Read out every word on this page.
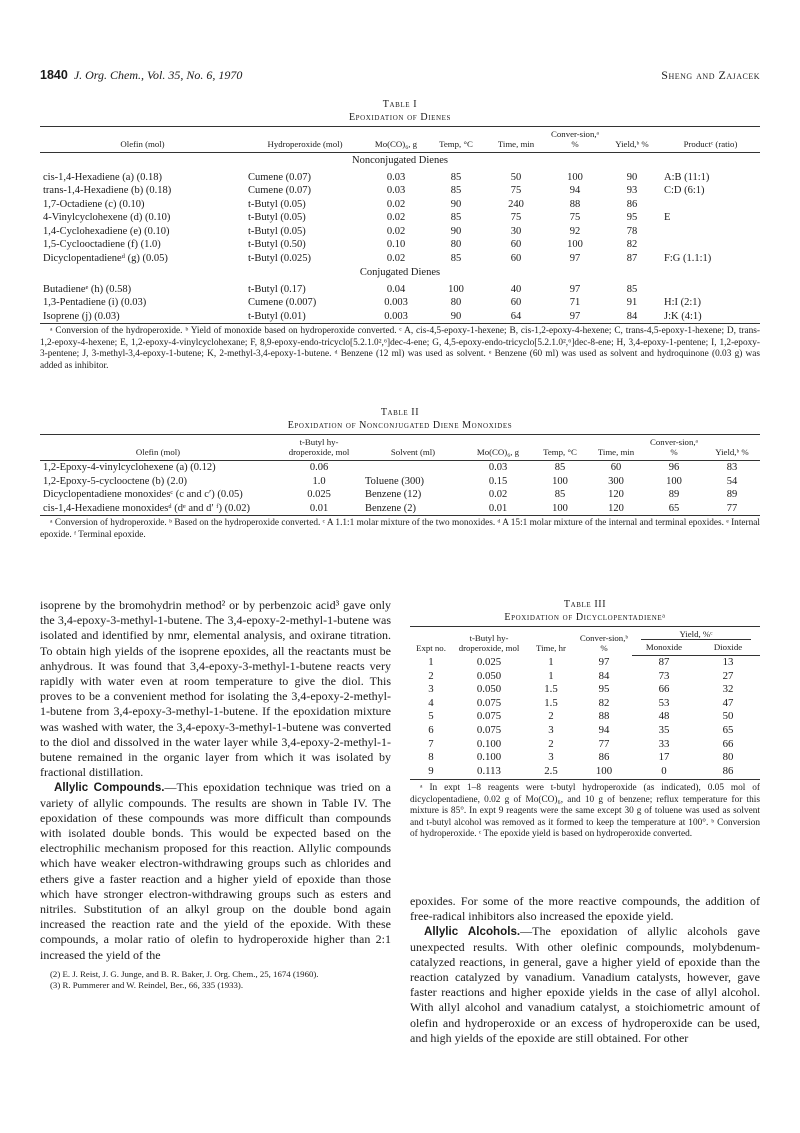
1840 J. Org. Chem., Vol. 35, No. 6, 1970	Sheng and Zajacek
Table I
Epoxidation of Dienes
Olefin (mol)	Hydroperoxide (mol)	Mo(CO)₆, g	Temp, °C	Time, min	Conver-sion,ᵃ %	Yield,ᵇ %	Productᶜ (ratio)
Nonconjugated Dienes							
cis-1,4-Hexadiene (a) (0.18)	Cumene (0.07)	0.03	85	50	100	90	A:B (11:1)
trans-1,4-Hexadiene (b) (0.18)	Cumene (0.07)	0.03	85	75	94	93	C:D (6:1)
1,7-Octadiene (c) (0.10)	t-Butyl (0.05)	0.02	90	240	88	86	
4-Vinylcyclohexene (d) (0.10)	t-Butyl (0.05)	0.02	85	75	75	95	E
1,4-Cyclohexadiene (e) (0.10)	t-Butyl (0.05)	0.02	90	30	92	78	
1,5-Cyclooctadiene (f) (1.0)	t-Butyl (0.50)	0.10	80	60	100	82	
Dicyclopentadieneᵈ (g) (0.05)	t-Butyl (0.025)	0.02	85	60	97	87	F:G (1.1:1)
Conjugated Dienes							
Butadieneᵉ (h) (0.58)	t-Butyl (0.17)	0.04	100	40	97	85	
1,3-Pentadiene (i) (0.03)	Cumene (0.007)	0.003	80	60	71	91	H:I (2:1)
Isoprene (j) (0.03)	t-Butyl (0.01)	0.003	90	64	97	84	J:K (4:1)
ᵃ Conversion of the hydroperoxide. ᵇ Yield of monoxide based on hydroperoxide converted. ᶜ A, cis-4,5-epoxy-1-hexene; B, cis-1,2-epoxy-4-hexene; C, trans-4,5-epoxy-1-hexene; D, trans-1,2-epoxy-4-hexene; E, 1,2-epoxy-4-vinylcyclohexane; F, 8,9-epoxy-endo-tricyclo[5.2.1.0²,⁶]dec-4-ene; G, 4,5-epoxy-endo-tricyclo[5.2.1.0²,⁶]dec-8-ene; H, 3,4-epoxy-1-pentene; I, 1,2-epoxy-3-pentene; J, 3-methyl-3,4-epoxy-1-butene; K, 2-methyl-3,4-epoxy-1-butene. ᵈ Benzene (12 ml) was used as solvent. ᵉ Benzene (60 ml) was used as solvent and hydroquinone (0.03 g) was added as inhibitor.
Table II
Epoxidation of Nonconjugated Diene Monoxides
Olefin (mol)	t-Butyl hy-droperoxide, mol	Solvent (ml)	Mo(CO)₆, g	Temp, °C	Time, min	Conver-sion,ᵃ %	Yield,ᵇ %
1,2-Epoxy-4-vinylcyclohexene (a) (0.12)	0.06		0.03	85	60	96	83
1,2-Epoxy-5-cyclooctene (b) (2.0)	1.0	Toluene (300)	0.15	100	300	100	54
Dicyclopentadiene monoxidesᶜ (c and c′) (0.05)	0.025	Benzene (12)	0.02	85	120	89	89
cis-1,4-Hexadiene monoxidesᵈ (dᵉ and d′ ᶠ) (0.02)	0.01	Benzene (2)	0.01	100	120	65	77
ᵃ Conversion of hydroperoxide. ᵇ Based on the hydroperoxide converted. ᶜ A 1.1:1 molar mixture of the two monoxides. ᵈ A 15:1 molar mixture of the internal and terminal epoxides. ᵉ Internal epoxide. ᶠ Terminal epoxide.

isoprene by the bromohydrin method² or by perbenzoic acid³ gave only the 3,4-epoxy-3-methyl-1-butene. The 3,4-epoxy-2-methyl-1-butene was isolated and identified by nmr, elemental analysis, and oxirane titration. To obtain high yields of the isoprene epoxides, all the reactants must be anhydrous. It was found that 3,4-epoxy-3-methyl-1-butene reacts very rapidly with water even at room temperature to give the diol. This proves to be a convenient method for isolating the 3,4-epoxy-2-methyl-1-butene from 3,4-epoxy-3-methyl-1-butene. If the epoxidation mixture was washed with water, the 3,4-epoxy-3-methyl-1-butene was converted to the diol and dissolved in the water layer while 3,4-epoxy-2-methyl-1-butene remained in the organic layer from which it was isolated by fractional distillation.

Allylic Compounds.—This epoxidation technique was tried on a variety of allylic compounds. The results are shown in Table IV. The epoxidation of these compounds was more difficult than compounds with isolated double bonds. This would be expected based on the electrophilic mechanism proposed for this reaction. Allylic compounds which have weaker electron-withdrawing groups such as chlorides and ethers give a faster reaction and a higher yield of epoxide than those which have stronger electron-withdrawing groups such as esters and nitriles. Substitution of an alkyl group on the double bond again increased the reaction rate and the yield of the epoxide. With these compounds, a molar ratio of olefin to hydroperoxide higher than 2:1 increased the yield of the

(2) E. J. Reist, J. G. Junge, and B. R. Baker, J. Org. Chem., 25, 1674 (1960).
(3) R. Pummerer and W. Reindel, Ber., 66, 335 (1933).
Table III
Epoxidation of Dicyclopentadieneᵃ
Expt no.	t-Butyl hy-droperoxide, mol	Time, hr	Conver-sion,ᵇ %	Yield, %ᶜ	

				Monoxide	Dioxide
1	0.025	1	97	87	13
2	0.050	1	84	73	27
3	0.050	1.5	95	66	32
4	0.075	1.5	82	53	47
5	0.075	2	88	48	50
6	0.075	3	94	35	65
7	0.100	2	77	33	66
8	0.100	3	86	17	80
9	0.113	2.5	100	0	86
ᵃ In expt 1–8 reagents were t-butyl hydroperoxide (as indicated), 0.05 mol of dicyclopentadiene, 0.02 g of Mo(CO)₆, and 10 g of benzene; reflux temperature for this mixture is 85°. In expt 9 reagents were the same except 30 g of toluene was used as solvent and t-butyl alcohol was removed as it formed to keep the temperature at 100°. ᵇ Conversion of hydroperoxide. ᶜ The epoxide yield is based on hydroperoxide converted.

epoxides. For some of the more reactive compounds, the addition of free-radical inhibitors also increased the epoxide yield.

Allylic Alcohols.—The epoxidation of allylic alcohols gave unexpected results. With other olefinic compounds, molybdenum-catalyzed reactions, in general, gave a higher yield of epoxide than the reaction catalyzed by vanadium. Vanadium catalysts, however, gave faster reactions and higher epoxide yields in the case of allyl alcohol. With allyl alcohol and vanadium catalyst, a stoichiometric amount of olefin and hydroperoxide or an excess of hydroperoxide can be used, and high yields of the epoxide are still obtained. For other
